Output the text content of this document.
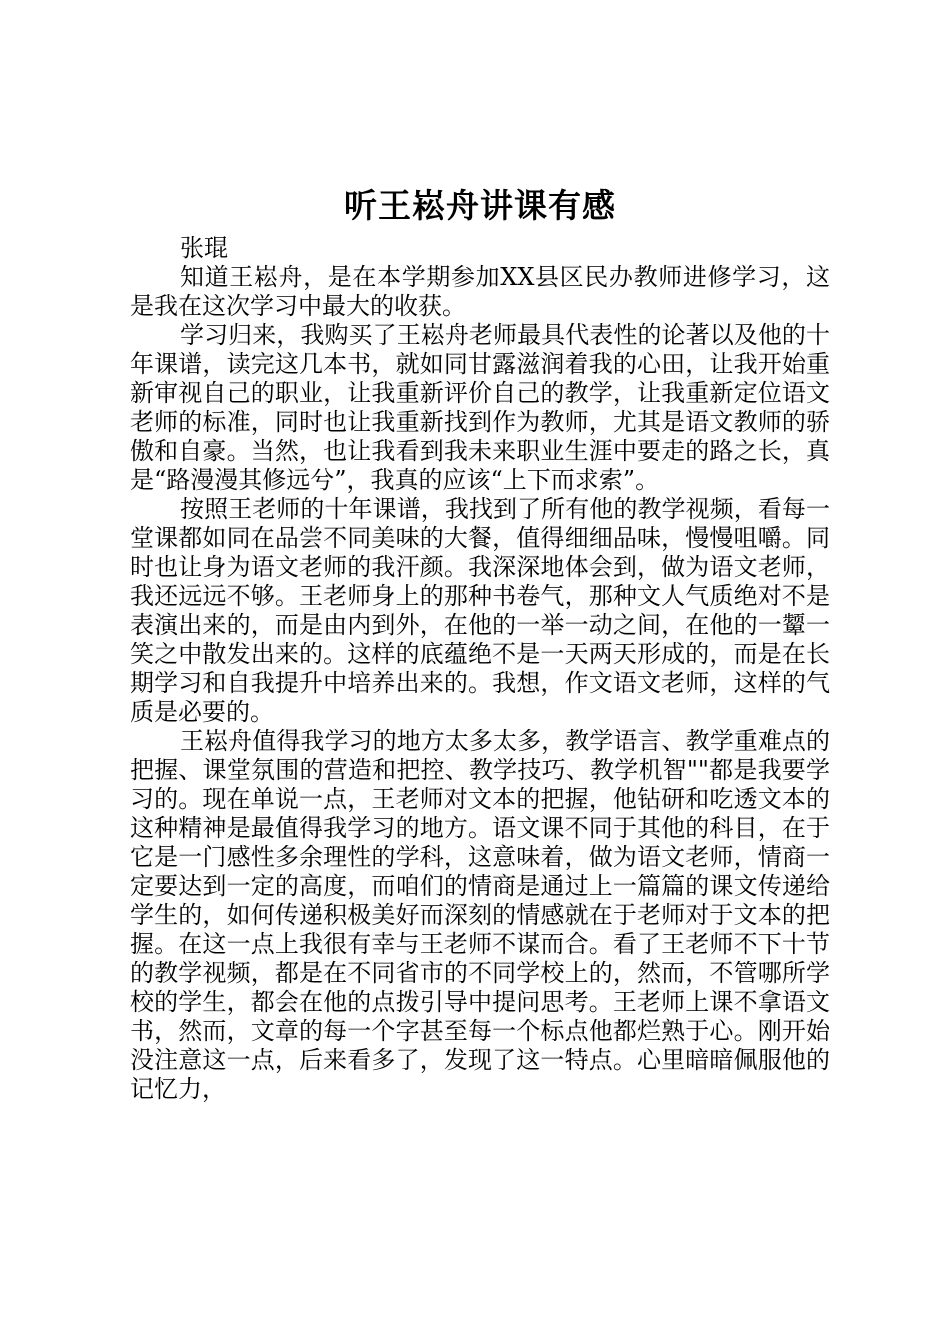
听王崧舟讲课有感

张琨

知道王崧舟，是在本学期参加XX县区民办教师进修学习，这是我在这次学习中最大的收获。

学习归来，我购买了王崧舟老师最具代表性的论著以及他的十年课谱，读完这几本书，就如同甘露滋润着我的心田，让我开始重新审视自己的职业，让我重新评价自己的教学，让我重新定位语文老师的标准，同时也让我重新找到作为教师，尤其是语文教师的骄傲和自豪。当然，也让我看到我未来职业生涯中要走的路之长，真是“路漫漫其修远兮”，我真的应该“上下而求索”。

按照王老师的十年课谱，我找到了所有他的教学视频，看每一堂课都如同在品尝不同美味的大餐，值得细细品味，慢慢咀嚼。同时也让身为语文老师的我汗颜。我深深地体会到，做为语文老师，我还远远不够。王老师身上的那种书卷气，那种文人气质绝对不是表演出来的，而是由内到外，在他的一举一动之间，在他的一颦一笑之中散发出来的。这样的底蕴绝不是一天两天形成的，而是在长期学习和自我提升中培养出来的。我想，作文语文老师，这样的气质是必要的。

王崧舟值得我学习的地方太多太多，教学语言、教学重难点的把握、课堂氛围的营造和把控、教学技巧、教学机智""都是我要学习的。现在单说一点，王老师对文本的把握，他钻研和吃透文本的这种精神是最值得我学习的地方。语文课不同于其他的科目，在于它是一门感性多余理性的学科，这意味着，做为语文老师，情商一定要达到一定的高度，而咱们的情商是通过上一篇篇的课文传递给学生的，如何传递积极美好而深刻的情感就在于老师对于文本的把握。在这一点上我很有幸与王老师不谋而合。看了王老师不下十节的教学视频，都是在不同省市的不同学校上的，然而，不管哪所学校的学生，都会在他的点拨引导中提问思考。王老师上课不拿语文书，然而，文章的每一个字甚至每一个标点他都烂熟于心。刚开始没注意这一点，后来看多了，发现了这一特点。心里暗暗佩服他的记忆力，
